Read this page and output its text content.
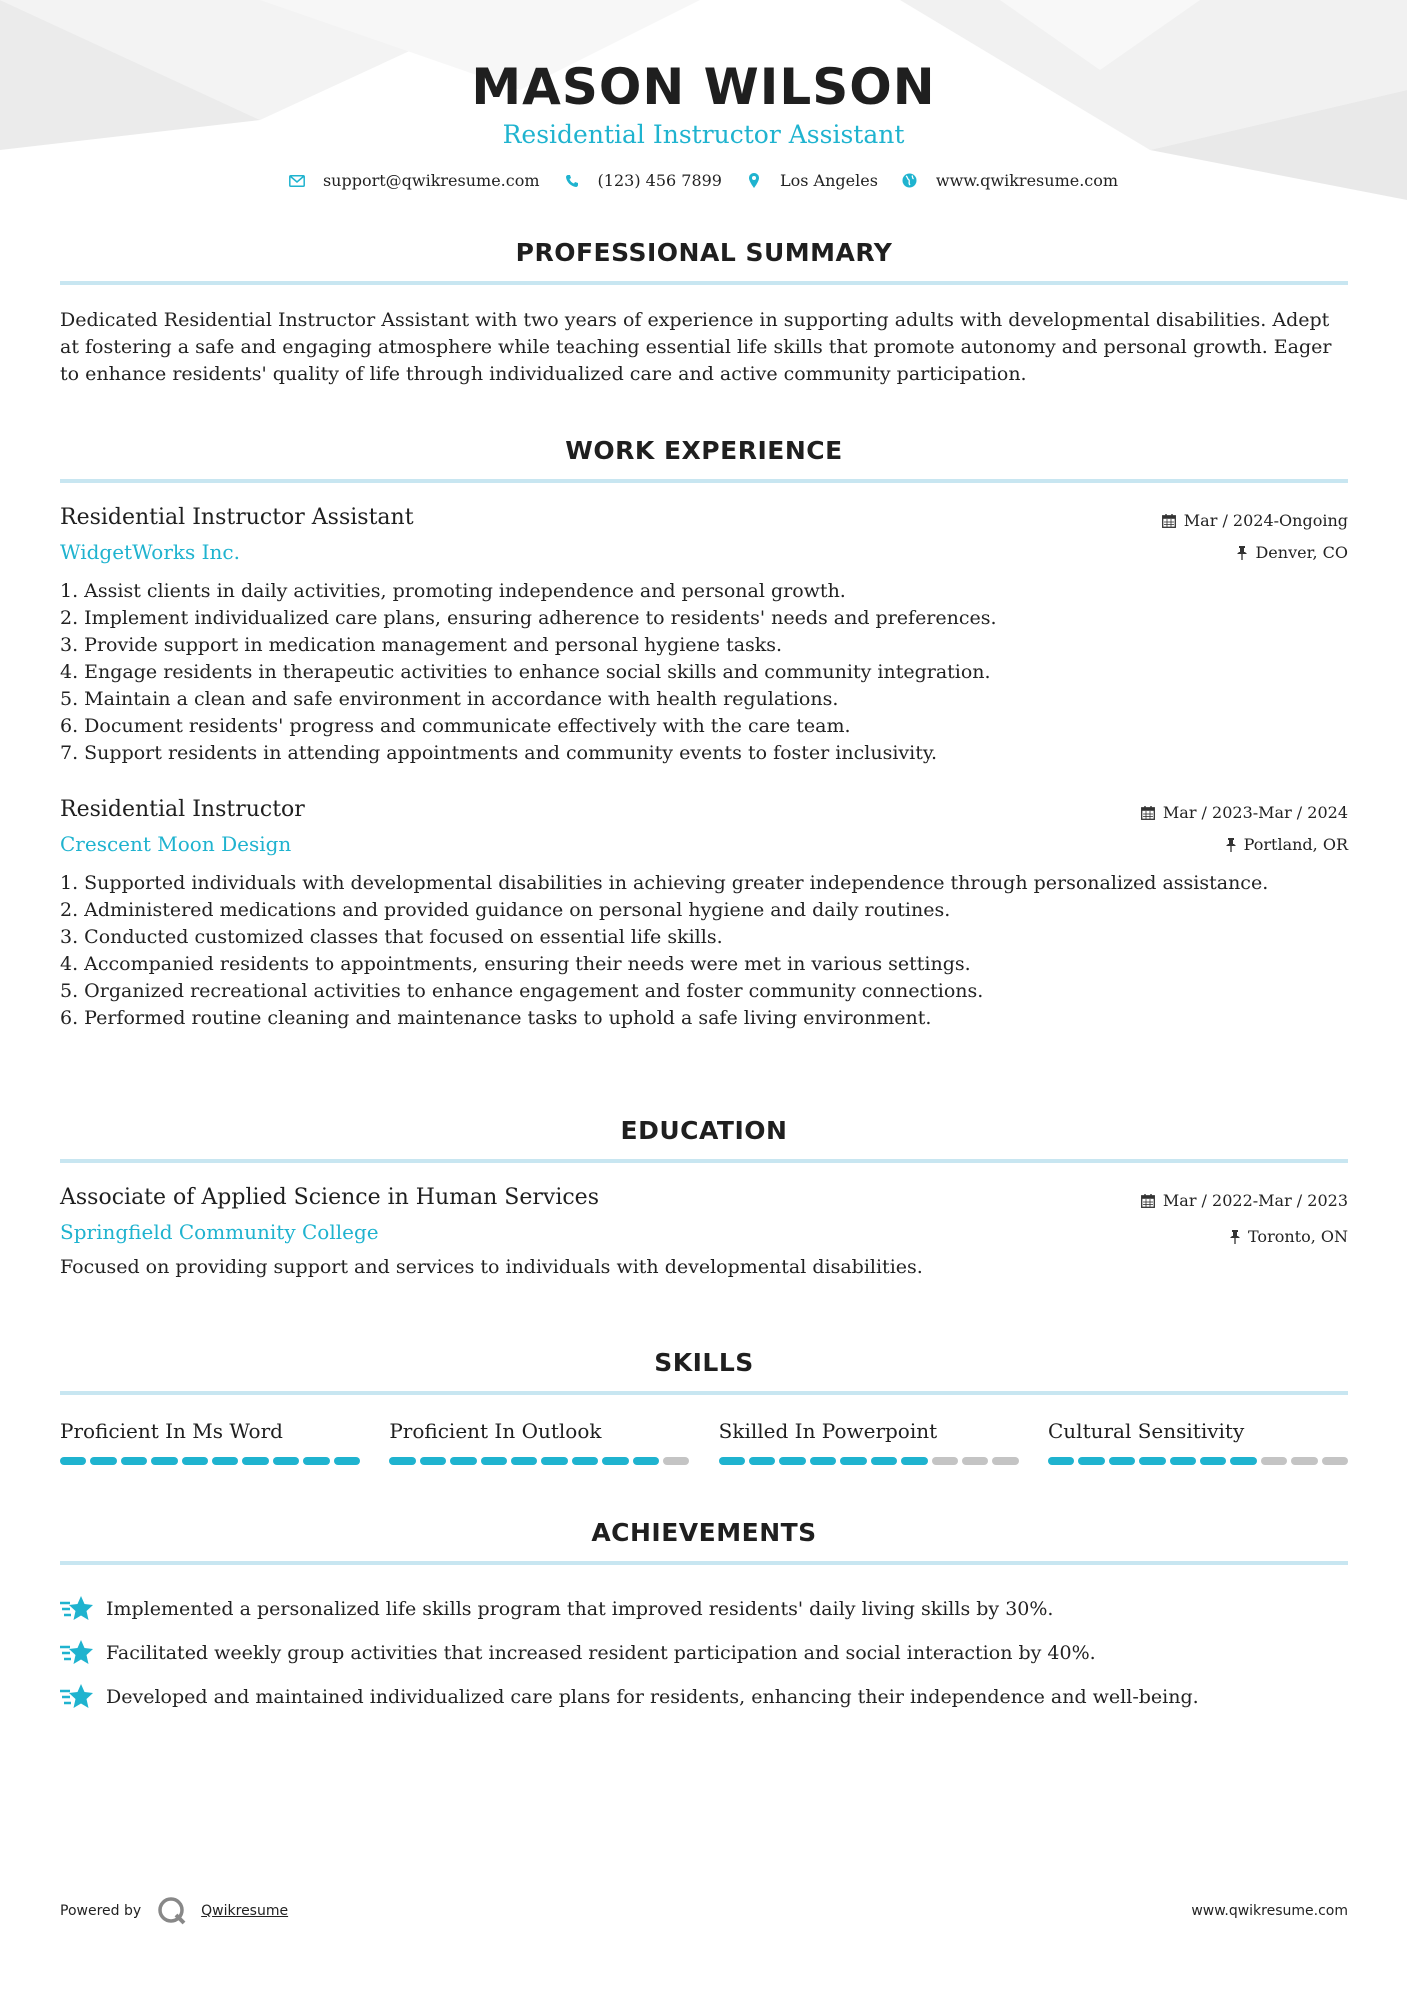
MASON WILSON
Residential Instructor Assistant
support@qwikresume.com	(123) 456 7899	Los Angeles	www.qwikresume.com
PROFESSIONAL SUMMARY

Dedicated Residential Instructor Assistant with two years of experience in supporting adults with developmental disabilities. Adept at fostering a safe and engaging atmosphere while teaching essential life skills that promote autonomy and personal growth. Eager to enhance residents' quality of life through individualized care and active community participation.

WORK EXPERIENCE
Residential Instructor Assistant
WidgetWorks Inc.
Mar / 2024-Ongoing
Denver, CO
1. Assist clients in daily activities, promoting independence and personal growth.
2. Implement individualized care plans, ensuring adherence to residents' needs and preferences.
3. Provide support in medication management and personal hygiene tasks.
4. Engage residents in therapeutic activities to enhance social skills and community integration.
5. Maintain a clean and safe environment in accordance with health regulations.
6. Document residents' progress and communicate effectively with the care team.
7. Support residents in attending appointments and community events to foster inclusivity.
Residential Instructor
Crescent Moon Design
Mar / 2023-Mar / 2024
Portland, OR
1. Supported individuals with developmental disabilities in achieving greater independence through personalized assistance.
2. Administered medications and provided guidance on personal hygiene and daily routines.
3. Conducted customized classes that focused on essential life skills.
4. Accompanied residents to appointments, ensuring their needs were met in various settings.
5. Organized recreational activities to enhance engagement and foster community connections.
6. Performed routine cleaning and maintenance tasks to uphold a safe living environment.
EDUCATION
Associate of Applied Science in Human Services
Springfield Community College
Mar / 2022-Mar / 2023
Toronto, ON

Focused on providing support and services to individuals with developmental disabilities.

SKILLS
Proficient In Ms Word	Proficient In Outlook	Skilled In Powerpoint	Cultural Sensitivity
ACHIEVEMENTS
Implemented a personalized life skills program that improved residents' daily living skills by 30%.
Facilitated weekly group activities that increased resident participation and social interaction by 40%.
Developed and maintained individualized care plans for residents, enhancing their independence and well-being.
Powered by	Qwikresume	www.qwikresume.com
